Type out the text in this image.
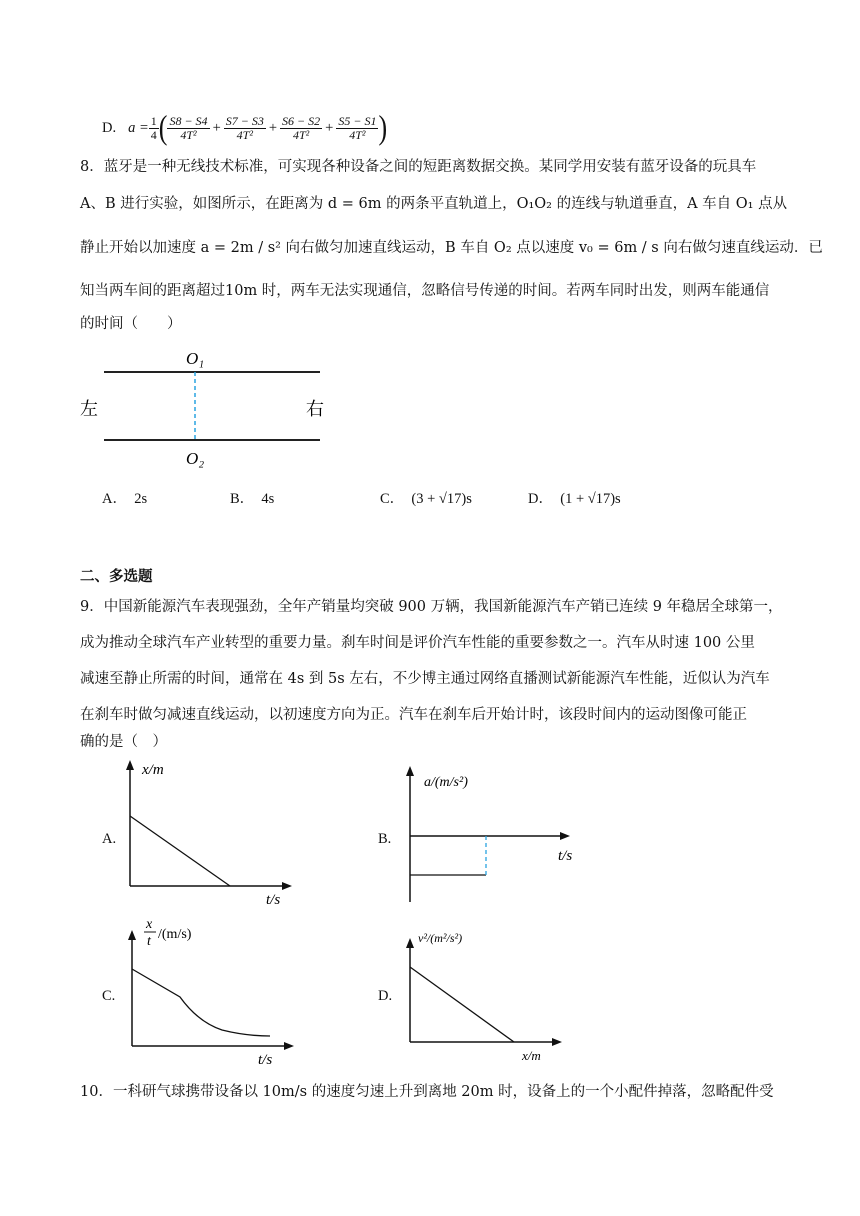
D. $a = \frac{1}{4}$ ( $\frac{S8 - S4}{\text{4T²}} + \frac{S7 - S3}{\text{4T²}} + \frac{S6 - S2}{\text{4T²}} + \frac{S5 - S1}{\text{4T²}}$ )
8．蓝牙是一种无线技术标准，可实现各种设备之间的短距离数据交换。某同学用安装有蓝牙设备的玩具车
A、B 进行实验，如图所示，在距离为 d = 6m 的两条平直轨道上，O₁O₂ 的连线与轨道垂直，A 车自 O₁ 点从
静止开始以加速度 a = 2m / s² 向右做匀加速直线运动，B 车自 O₂ 点以速度 v₀ = 6m / s 向右做匀速直线运动．已
知当两车间的距离超过10m 时，两车无法实现通信，忽略信号传递的时间。若两车同时出发，则两车能通信
的时间（　　）
O₁
O₂
左	右
A． 2s	B． 4s	C． (3 + √17)s	D． (1 + √17)s
二、多选题
9．中国新能源汽车表现强劲，全年产销量均突破 900 万辆，我国新能源汽车产销已连续 9 年稳居全球第一，
成为推动全球汽车产业转型的重要力量。刹车时间是评价汽车性能的重要参数之一。汽车从时速 100 公里
减速至静止所需的时间，通常在 4s 到 5s 左右，不少博主通过网络直播测试新能源汽车性能，近似认为汽车
在刹车时做匀减速直线运动，以初速度方向为正。汽车在刹车后开始计时，该段时间内的运动图像可能正
确的是（　）
A.
x/m
t/s
B.
a/(m/s²)
t/s
C.
x
t /(m/s)
t/s
D.
v²/(m²/s²)
x/m
10．一科研气球携带设备以 10m/s 的速度匀速上升到离地 20m 时，设备上的一个小配件掉落，忽略配件受
